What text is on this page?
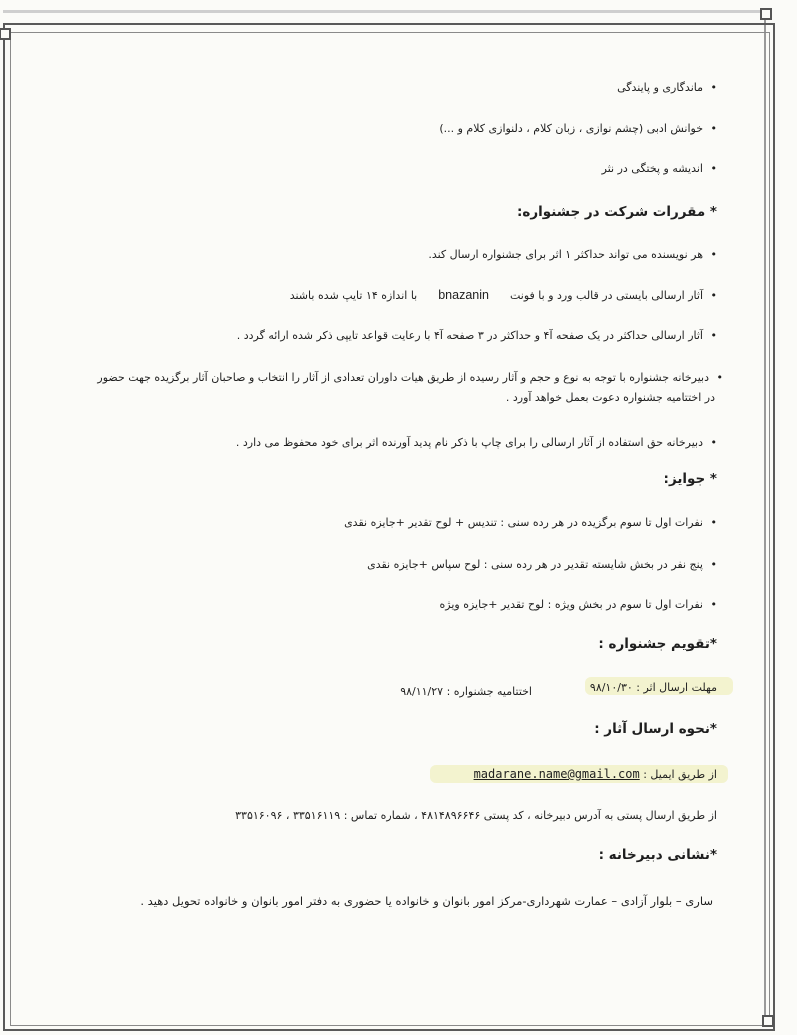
• ماندگاری و پایندگی
• خوانش ادبی (چشم نوازی ، زبان کلام ، دلنوازی کلام و ...)
• اندیشه و پختگی در نثر
* مقررات شرکت در جشنواره:
• هر نویسنده می تواند حداکثر ۱ اثر برای جشنواره ارسال کند.
• آثار ارسالی بایستی در قالب ورد و با فونت  bnazanin  با اندازه ۱۴ تایپ شده باشند
• آثار ارسالی حداکثر در یک صفحه آ۴ و حداکثر در ۳ صفحه آ۴ با رعایت قواعد تایپی ذکر شده ارائه گردد .
• دبیرخانه جشنواره با توجه به نوع و حجم و آثار رسیده از طریق هیات داوران تعدادی از آثار را انتخاب و صاحبان آثار برگزیده جهت حضور
در اختتامیه جشنواره دعوت بعمل خواهد آورد .
• دبیرخانه حق استفاده از آثار ارسالی را برای چاپ با ذکر نام پدید آورنده اثر برای خود محفوظ می دارد .
* جوایز:
• نفرات اول تا سوم برگزیده در هر رده سنی : تندیس + لوح تقدیر +جایزه نقدی
• پنج نفر در بخش شایسته تقدیر در هر رده سنی : لوح سپاس +جایزه نقدی
• نفرات اول تا سوم در بخش ویژه : لوح تقدیر +جایزه ویژه
*تقویم جشنواره :
مهلت ارسال اثر : ۹۸/۱۰/۳۰
اختتامیه جشنواره : ۹۸/۱۱/۲۷
*نحوه ارسال آثار :
از طریق ایمیل : madarane.name@gmail.com
از طریق ارسال پستی به آدرس دبیرخانه ، کد پستی ۴۸۱۴۸۹۶۶۴۶ ، شماره تماس : ۳۳۵۱۶۱۱۹ ، ۳۳۵۱۶۰۹۶
*نشانی دبیرخانه :
ساری – بلوار آزادی – عمارت شهرداری-مرکز امور بانوان و خانواده یا حضوری به دفتر امور بانوان و خانواده تحویل دهید .
